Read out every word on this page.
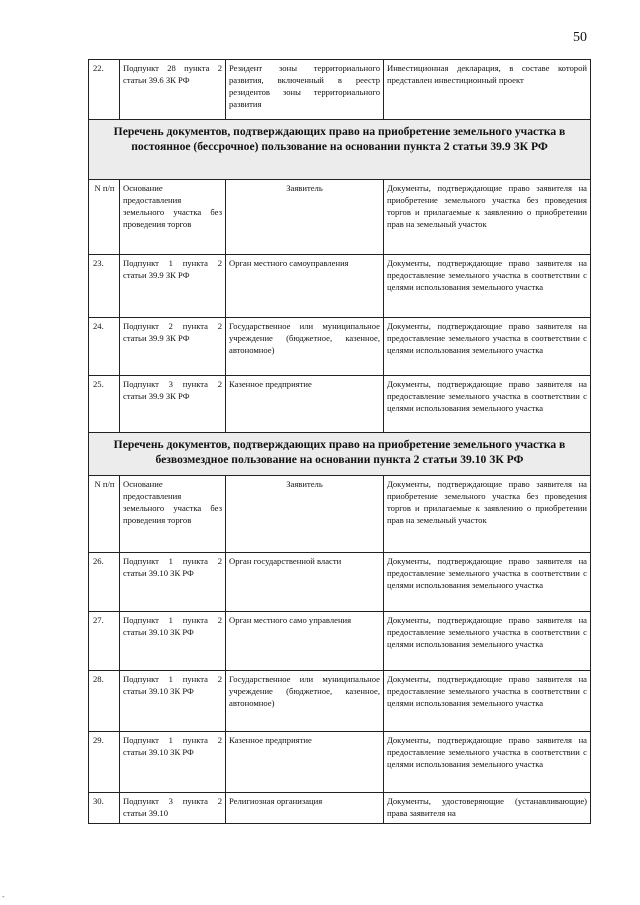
50
22.	Подпункт 28 пункта 2 статьи 39.6 ЗК РФ	Резидент зоны территориального развития, включенный в реестр резидентов зоны территориального развития	Инвестиционная декларация, в составе которой представлен инвестиционный проект
Перечень документов, подтверждающих право на приобретение земельного участка в постоянное (бессрочное) пользование на основании пункта 2 статьи 39.9 ЗК РФ			
N п/п	Основание предоставления земельного участка без проведения торгов	Заявитель	Документы, подтверждающие право заявителя на приобретение земельного участка без проведения торгов и прилагаемые к заявлению о приобретении прав на земельный участок
23.	Подпункт 1 пункта 2 статьи 39.9 ЗК РФ	Орган местного самоуправления	Документы, подтверждающие право заявителя на предоставление земельного участка в соответствии с целями использования земельного участка
24.	Подпункт 2 пункта 2 статьи 39.9 ЗК РФ	Государственное или муниципальное учреждение (бюджетное, казенное, автономное)	Документы, подтверждающие право заявителя на предоставление земельного участка в соответствии с целями использования земельного участка
25.	Подпункт 3 пункта 2 статьи 39.9 ЗК РФ	Казенное предприятие	Документы, подтверждающие право заявителя на предоставление земельного участка в соответствии с целями использования земельного участка
Перечень документов, подтверждающих право на приобретение земельного участка в безвозмездное пользование на основании пункта 2 статьи 39.10 ЗК РФ			
N п/п	Основание предоставления земельного участка без проведения торгов	Заявитель	Документы, подтверждающие право заявителя на приобретение земельного участка без проведения торгов и прилагаемые к заявлению о приобретении прав на земельный участок
26.	Подпункт 1 пункта 2 статьи 39.10 ЗК РФ	Орган государственной власти	Документы, подтверждающие право заявителя на предоставление земельного участка в соответствии с целями использования земельного участка
27.	Подпункт 1 пункта 2 статьи 39.10 ЗК РФ	Орган местного само управления	Документы, подтверждающие право заявителя на предоставление земельного участка в соответствии с целями использования земельного участка
28.	Подпункт 1 пункта 2 статьи 39.10 ЗК РФ	Государственное или муниципальное учреждение (бюджетное, казенное, автономное)	Документы, подтверждающие право заявителя на предоставление земельного участка в соответствии с целями использования земельного участка
29.	Подпункт 1 пункта 2 статьи 39.10 ЗК РФ	Казенное предприятие	Документы, подтверждающие право заявителя на предоставление земельного участка в соответствии с целями использования земельного участка
30.	Подпункт 3 пункта 2 статьи 39.10	Религиозная организация	Документы, удостоверяющие (устанавливающие) права заявителя на
-
